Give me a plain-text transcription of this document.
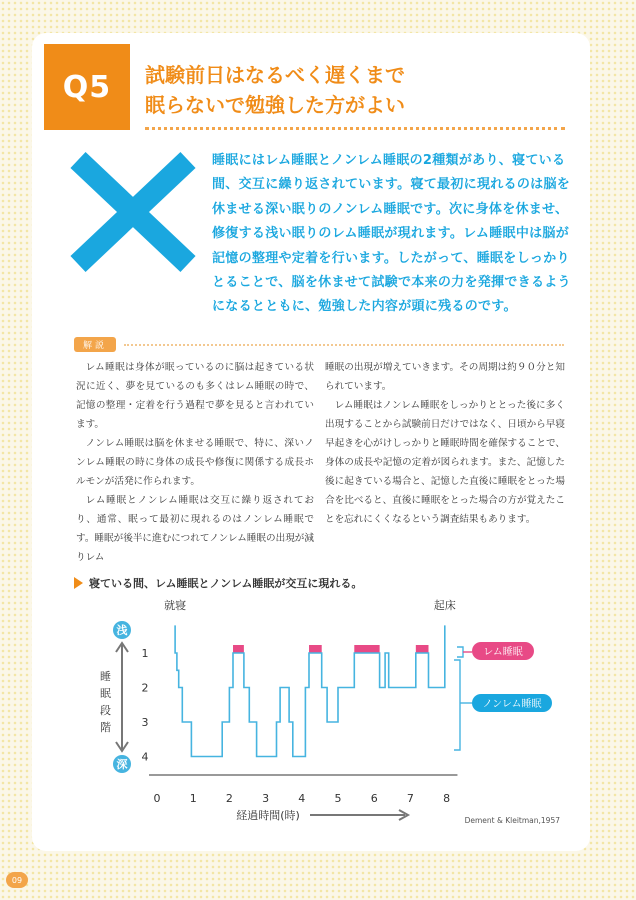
Q5	試験前日はなるべく遅くまで
眠らないで勉強した方がよい
睡眠にはレム睡眠とノンレム睡眠の2種類があり、寝ている間、交互に繰り返されています。寝て最初に現れるのは脳を休ませる深い眠りのノンレム睡眠です。次に身体を休ませ、修復する浅い眠りのレム睡眠が現れます。レム睡眠中は脳が記憶の整理や定着を行います。したがって、睡眠をしっかりとることで、脳を休ませて試験で本来の力を発揮できるようになるとともに、勉強した内容が頭に残るのです。
解説

レム睡眠は身体が眠っているのに脳は起きている状況に近く、夢を見ているのも多くはレム睡眠の時で、記憶の整理・定着を行う過程で夢を見ると言われています。

ノンレム睡眠は脳を休ませる睡眠で、特に、深いノンレム睡眠の時に身体の成長や修復に関係する成長ホルモンが活発に作られます。

レム睡眠とノンレム睡眠は交互に繰り返されており、通常、眠って最初に現れるのはノンレム睡眠です。睡眠が後半に進むにつれてノンレム睡眠の出現が減りレム

睡眠の出現が増えていきます。その周期は約９０分と知られています。

レム睡眠はノンレム睡眠をしっかりととった後に多く出現することから試験前日だけではなく、日頃から早寝早起きを心がけしっかりと睡眠時間を確保することで、身体の成長や記憶の定着が図られます。また、記憶した後に起きている場合と、記憶した直後に睡眠をとった場合を比べると、直後に睡眠をとった場合の方が覚えたことを忘れにくくなるという調査結果もあります。

寝ている間、レム睡眠とノンレム睡眠が交互に現れる。
0	1	2	3	4	5	6	7	8
1
2
3
4
浅
深
睡眠段階
就寝	起床
レム睡眠
ノンレム睡眠
経過時間(時)	Dement & Kleitman,1957
09
